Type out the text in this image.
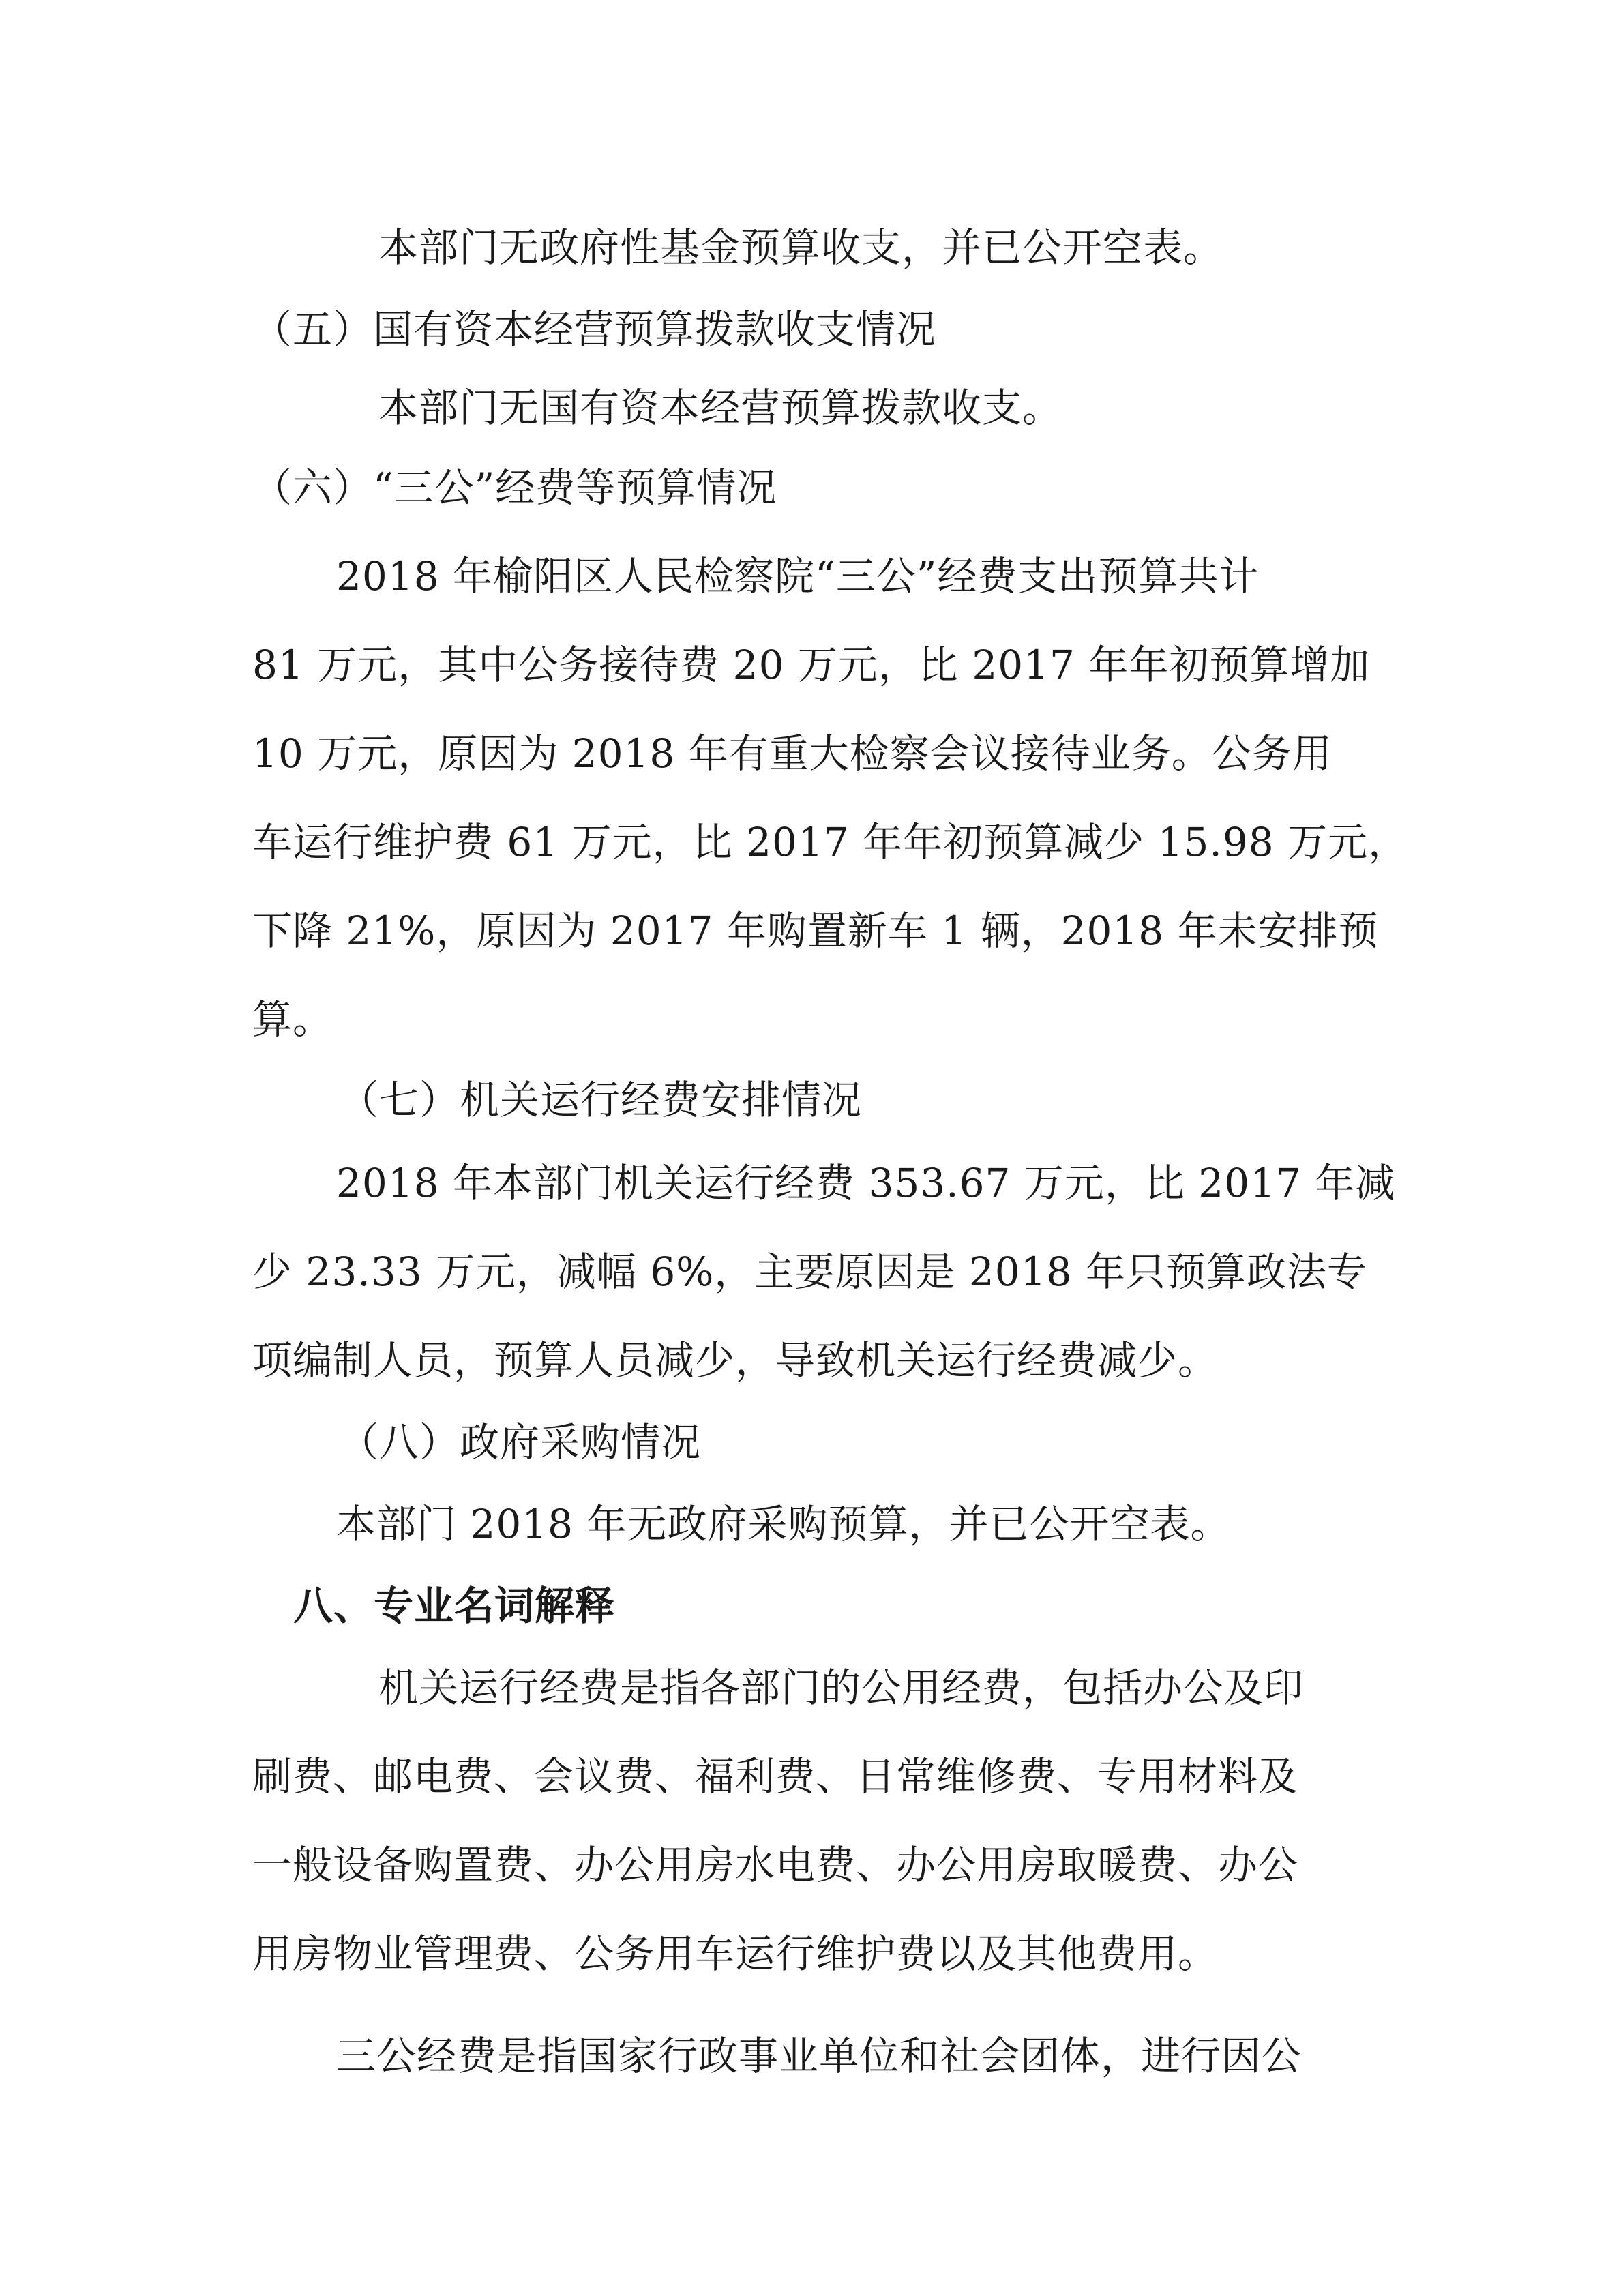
本部门无政府性基金预算收支，并已公开空表。
（五）国有资本经营预算拨款收支情况
本部门无国有资本经营预算拨款收支。
（六）“三公”经费等预算情况
2018 年榆阳区人民检察院“三公”经费支出预算共计
81 万元，其中公务接待费 20 万元，比 2017 年年初预算增加
10 万元，原因为 2018 年有重大检察会议接待业务。公务用
车运行维护费 61 万元，比 2017 年年初预算减少 15.98 万元，
下降 21%，原因为 2017 年购置新车 1 辆，2018 年未安排预
算。
（七）机关运行经费安排情况
2018 年本部门机关运行经费 353.67 万元，比 2017 年减
少 23.33 万元，减幅 6%，主要原因是 2018 年只预算政法专
项编制人员，预算人员减少，导致机关运行经费减少。
（八）政府采购情况
本部门 2018 年无政府采购预算，并已公开空表。
八、专业名词解释
机关运行经费是指各部门的公用经费，包括办公及印
刷费、邮电费、会议费、福利费、日常维修费、专用材料及
一般设备购置费、办公用房水电费、办公用房取暖费、办公
用房物业管理费、公务用车运行维护费以及其他费用。
三公经费是指国家行政事业单位和社会团体，进行因公
